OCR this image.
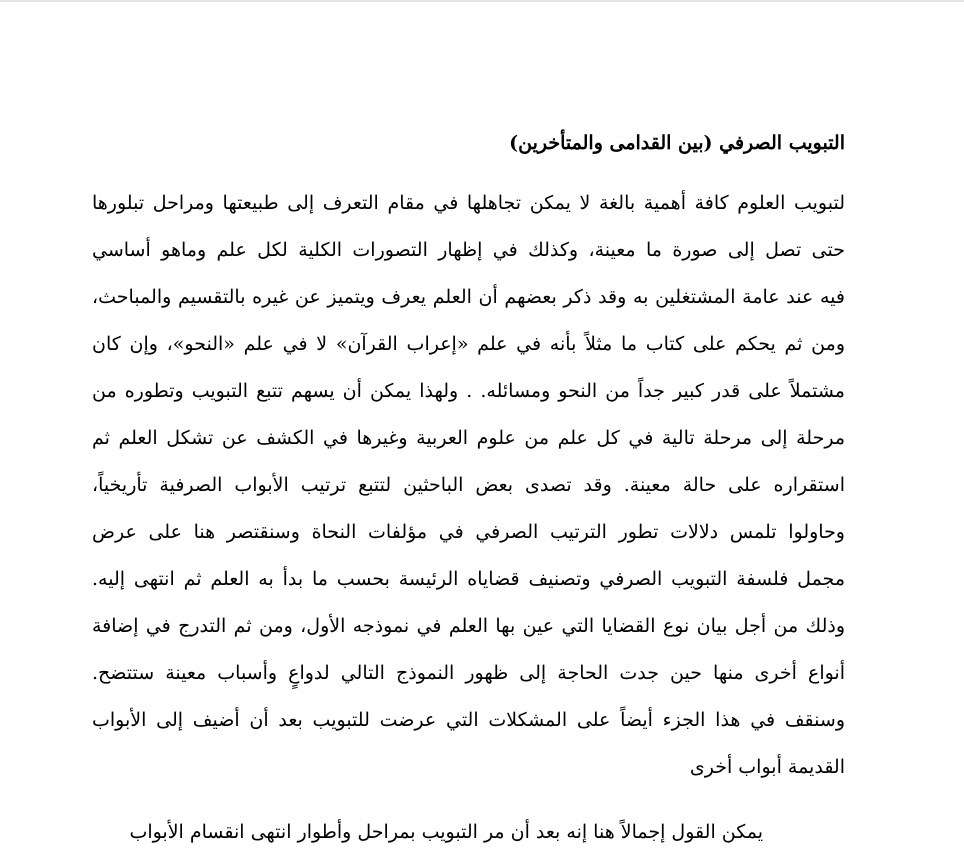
التبويب الصرفي (بين القدامى والمتأخرين)

لتبويب العلوم كافة أهمية بالغة لا يمكن تجاهلها في مقام التعرف إلى طبيعتها ومراحل تبلورها
حتى تصل إلى صورة ما معينة، وكذلك في إظهار التصورات الكلية لكل علم وماهو أساسي
فيه عند عامة المشتغلين به وقد ذكر بعضهم أن العلم يعرف ويتميز عن غيره بالتقسيم والمباحث،
ومن ثم يحكم على كتاب ما مثلاً بأنه في علم «إعراب القرآن» لا في علم «النحو»، وإن كان
مشتملاً على قدر كبير جداً من النحو ومسائله. . ولهذا يمكن أن يسهم تتبع التبويب وتطوره من
مرحلة إلى مرحلة تالية في كل علم من علوم العربية وغيرها في الكشف عن تشكل العلم ثم
استقراره على حالة معينة. وقد تصدى بعض الباحثين لتتبع ترتيب الأبواب الصرفية تأريخياً،
وحاولوا تلمس دلالات تطور الترتيب الصرفي في مؤلفات النحاة وسنقتصر هنا على عرض
مجمل فلسفة التبويب الصرفي وتصنيف قضاياه الرئيسة بحسب ما بدأ به العلم ثم انتهى إليه.
وذلك من أجل بيان نوع القضايا التي عين بها العلم في نموذجه الأول، ومن ثم التدرج في إضافة
أنواع أخرى منها حين جدت الحاجة إلى ظهور النموذج التالي لدواعٍ وأسباب معينة ستتضح.
وسنقف في هذا الجزء أيضاً على المشكلات التي عرضت للتبويب بعد أن أضيف إلى الأبواب
القديمة أبواب أخرى

يمكن القول إجمالاً هنا إنه بعد أن مر التبويب بمراحل وأطوار انتهى انقسام الأبواب
